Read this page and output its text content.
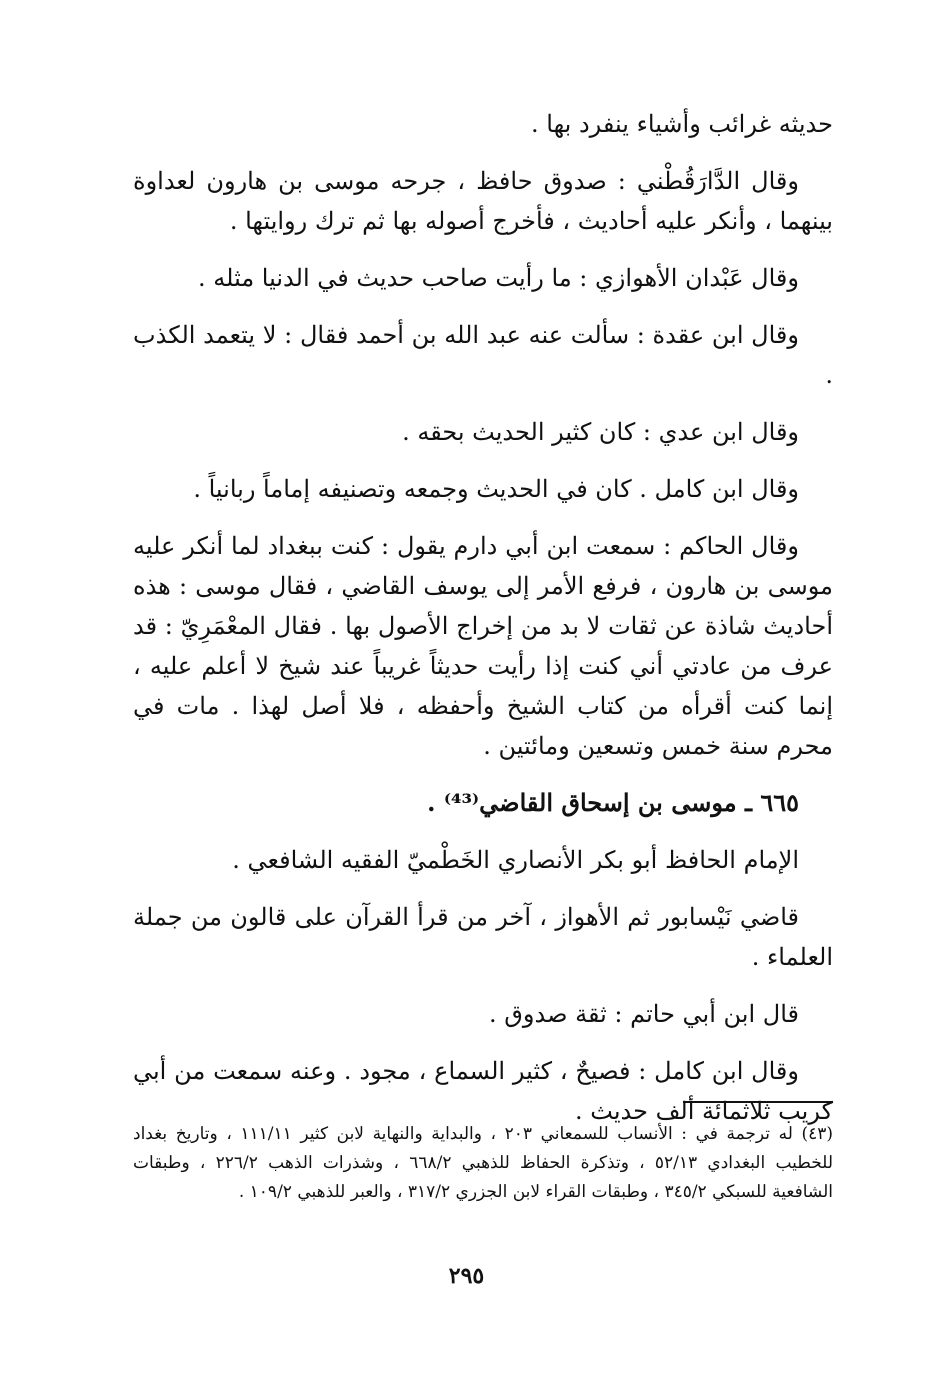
حديثه غرائب وأشياء ينفرد بها .

وقال الدَّارَقُطْني : صدوق حافظ ، جرحه موسى بن هارون لعداوة بينهما ، وأنكر عليه أحاديث ، فأخرج أصوله بها ثم ترك روايتها .

وقال عَبْدان الأهوازي : ما رأيت صاحب حديث في الدنيا مثله .

وقال ابن عقدة : سألت عنه عبد الله بن أحمد فقال : لا يتعمد الكذب .

وقال ابن عدي : كان كثير الحديث بحقه .

وقال ابن كامل . كان في الحديث وجمعه وتصنيفه إماماً ربانياً .

وقال الحاكم : سمعت ابن أبي دارم يقول : كنت ببغداد لما أنكر عليه موسى بن هارون ، فرفع الأمر إلى يوسف القاضي ، فقال موسى : هذه أحاديث شاذة عن ثقات لا بد من إخراج الأصول بها . فقال المعْمَرِيّ : قد عرف من عادتي أني كنت إذا رأيت حديثاً غريباً عند شيخ لا أعلم عليه ، إنما كنت أقرأه من كتاب الشيخ وأحفظه ، فلا أصل لهذا . مات في محرم سنة خمس وتسعين ومائتين .

٦٦٥ ـ موسى بن إسحاق القاضي⁽⁴³⁾ .

الإمام الحافظ أبو بكر الأنصاري الخَطْميّ الفقيه الشافعي .

قاضي نَيْسابور ثم الأهواز ، آخر من قرأ القرآن على قالون من جملة العلماء .

قال ابن أبي حاتم : ثقة صدوق .

وقال ابن كامل : فصيحٌ ، كثير السماع ، مجود . وعنه سمعت من أبي كريب ثلاثمائة ألف حديث .

(٤٣) له ترجمة في : الأنساب للسمعاني ٢٠٣ ، والبداية والنهاية لابن كثير ١١١/١١ ، وتاريخ بغداد للخطيب البغدادي ٥٢/١٣ ، وتذكرة الحفاظ للذهبي ٦٦٨/٢ ، وشذرات الذهب ٢٢٦/٢ ، وطبقات الشافعية للسبكي ٣٤٥/٢ ، وطبقات القراء لابن الجزري ٣١٧/٢ ، والعبر للذهبي ١٠٩/٢ .

٢٩٥
